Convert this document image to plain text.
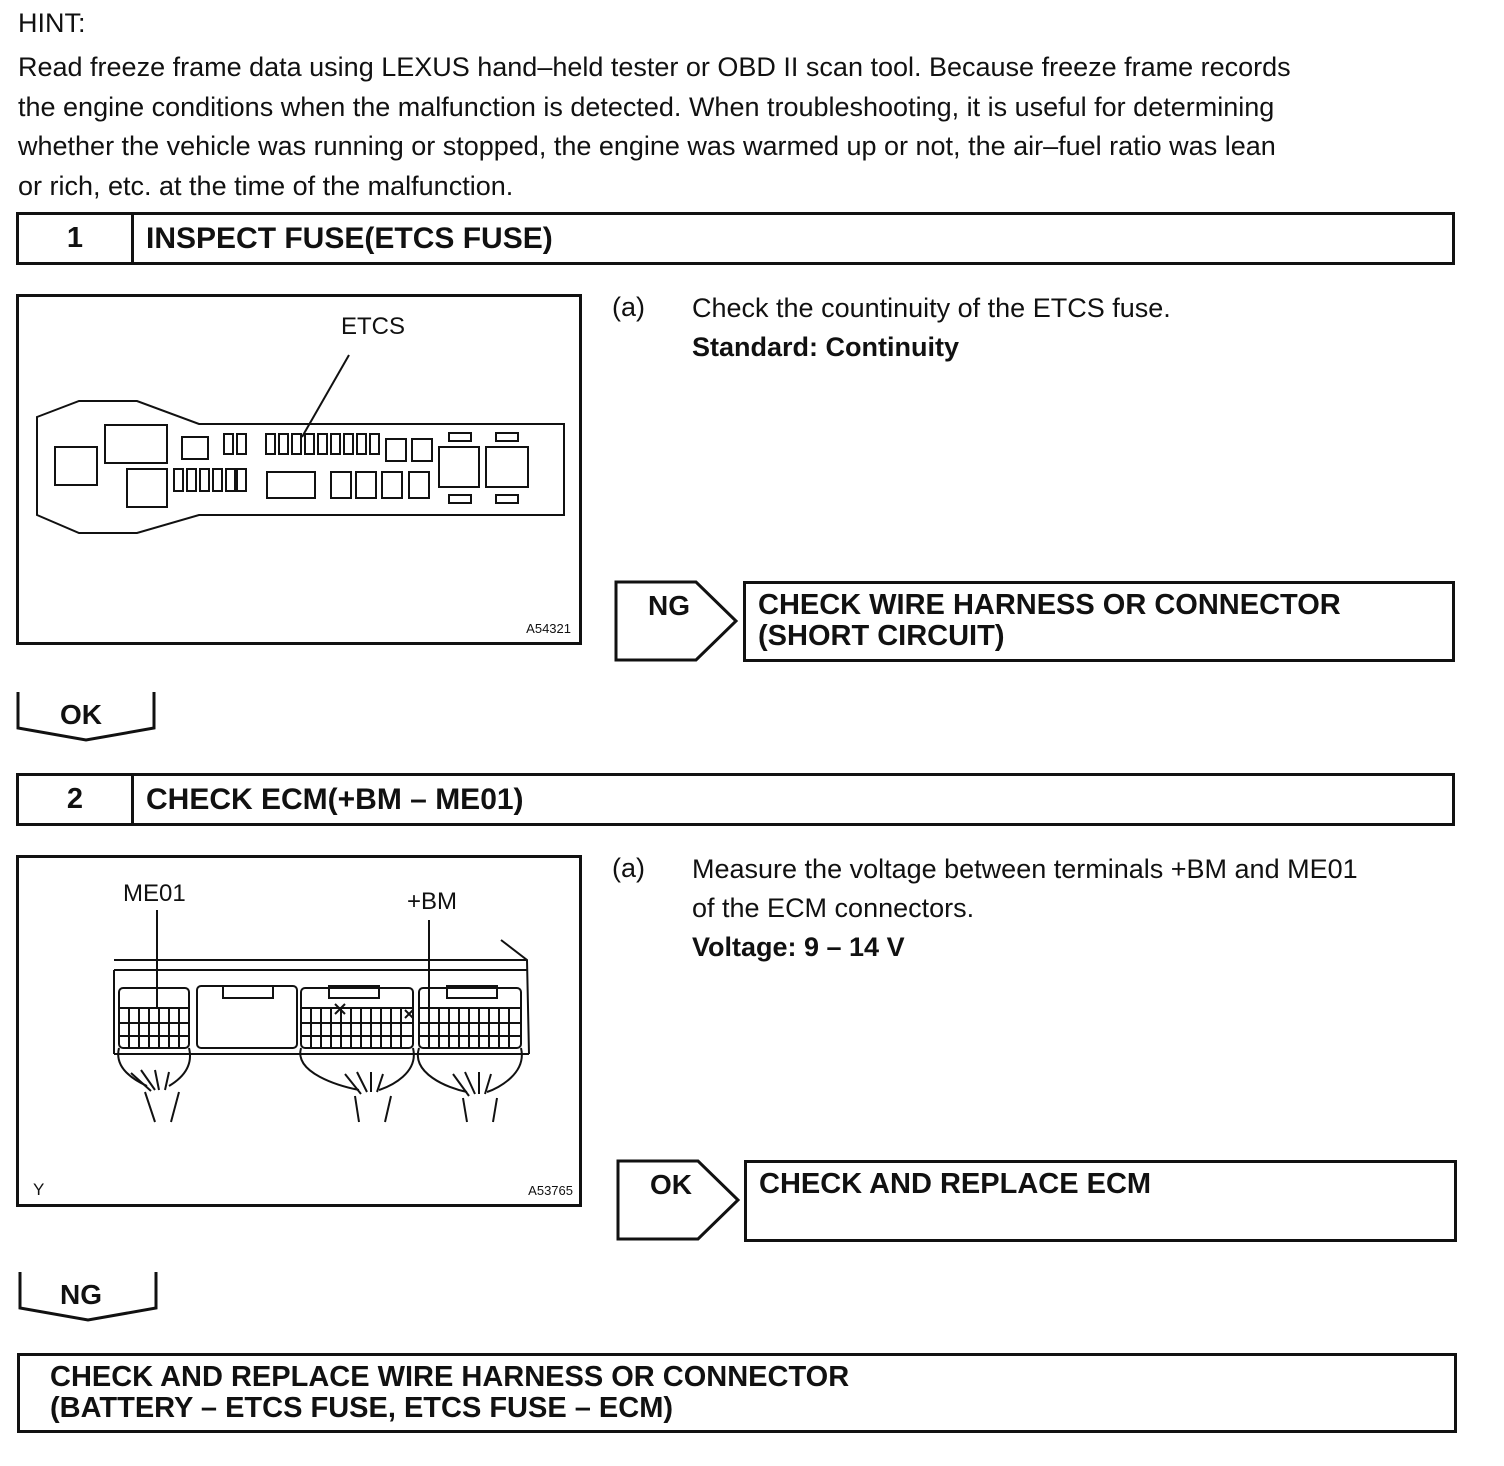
HINT:
Read freeze frame data using LEXUS hand–held tester or OBD II scan tool. Because freeze frame records
the engine conditions when the malfunction is detected. When troubleshooting, it is useful for determining
whether the vehicle was running or stopped, the engine was warmed up or not, the air–fuel ratio was lean
or rich, etc. at the time of the malfunction.
1	INSPECT FUSE(ETCS FUSE)
ETCS
A54321
(a) Check the countinuity of the ETCS fuse.
Standard: Continuity
NG CHECK WIRE HARNESS OR CONNECTOR
(SHORT CIRCUIT)
OK
2	CHECK ECM(+BM – ME01)
ME01	+BM
Y	A53765
(a) Measure the voltage between terminals +BM and ME01
of the ECM connectors.
Voltage: 9 – 14 V
OK CHECK AND REPLACE ECM
NG
CHECK AND REPLACE WIRE HARNESS OR CONNECTOR
(BATTERY – ETCS FUSE, ETCS FUSE – ECM)
